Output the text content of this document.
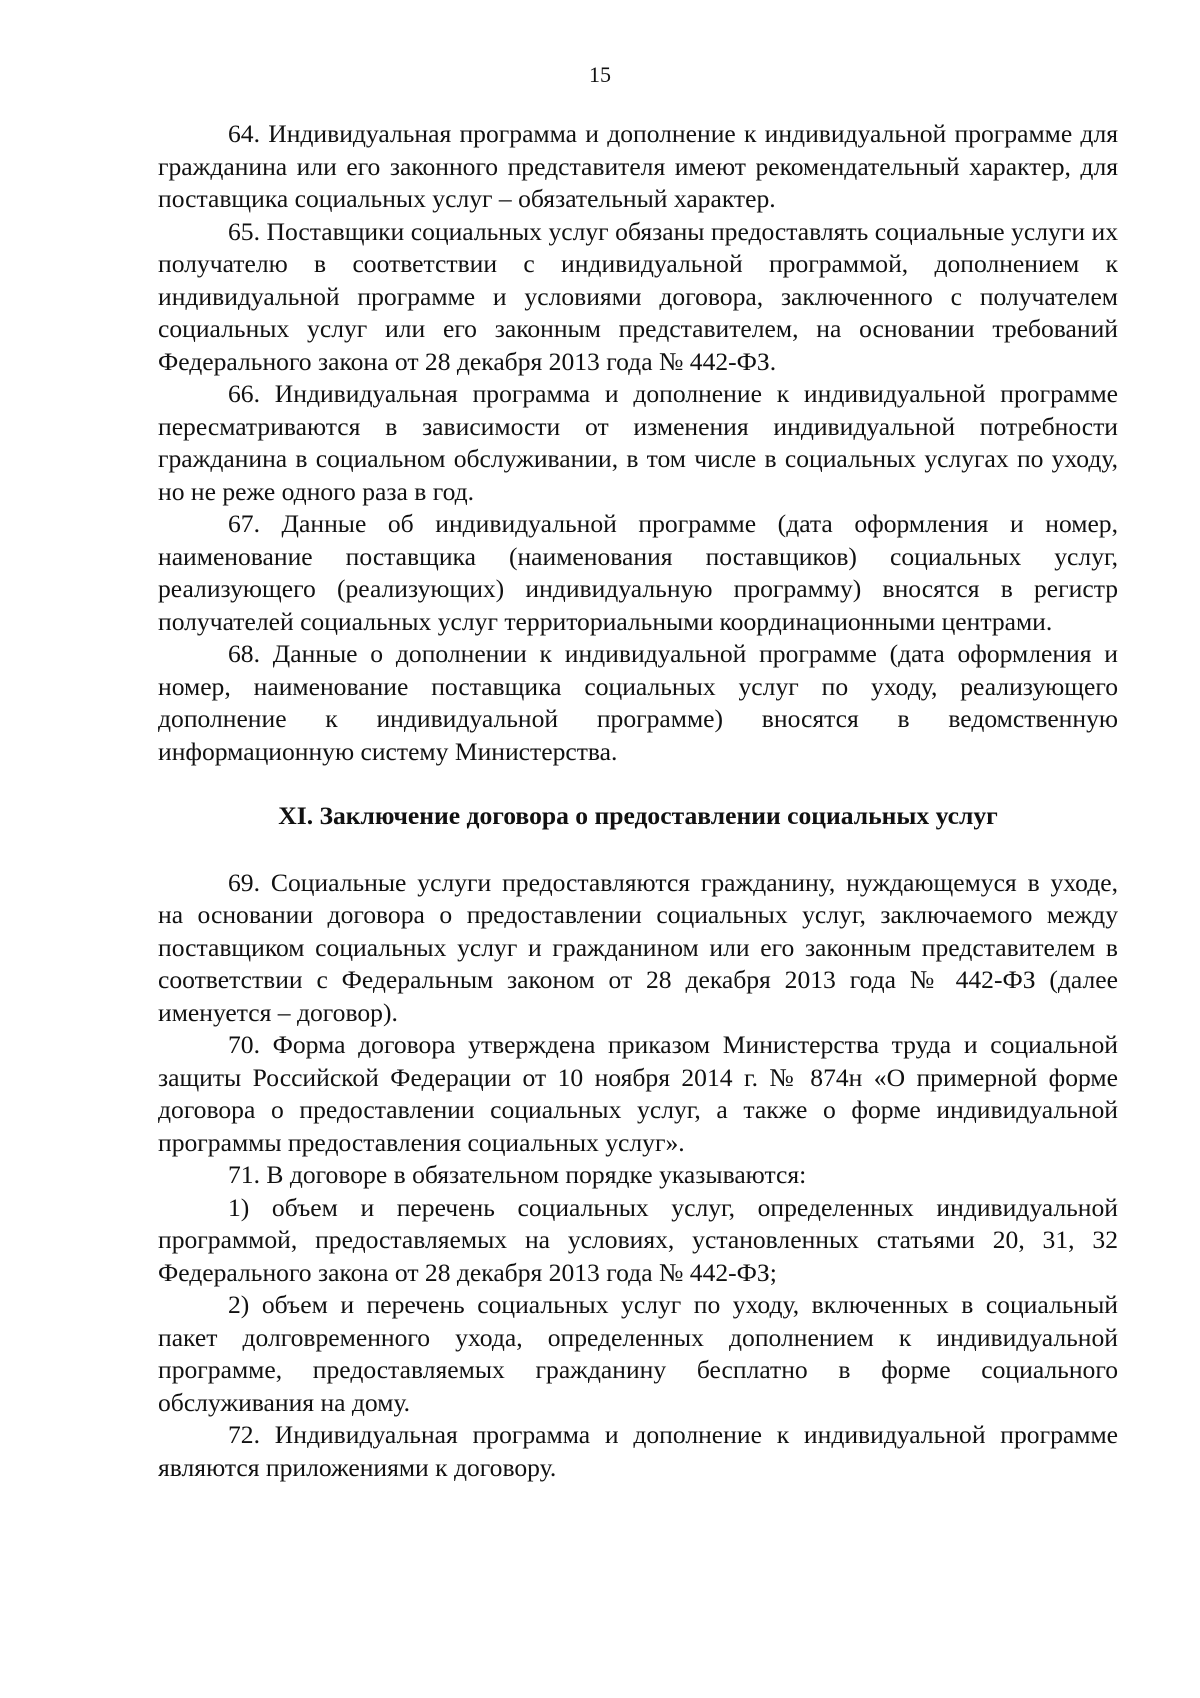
15

64. Индивидуальная программа и дополнение к индивидуальной программе для гражданина или его законного представителя имеют рекомендательный характер, для поставщика социальных услуг – обязательный характер.

65. Поставщики социальных услуг обязаны предоставлять социальные услуги их получателю в соответствии с индивидуальной программой, дополнением к индивидуальной программе и условиями договора, заключенного с получателем социальных услуг или его законным представителем, на основании требований Федерального закона от 28 декабря 2013 года № 442-ФЗ.

66. Индивидуальная программа и дополнение к индивидуальной программе пересматриваются в зависимости от изменения индивидуальной потребности гражданина в социальном обслуживании, в том числе в социальных услугах по уходу, но не реже одного раза в год.

67. Данные об индивидуальной программе (дата оформления и номер, наименование поставщика (наименования поставщиков) социальных услуг, реализующего (реализующих) индивидуальную программу) вносятся в регистр получателей социальных услуг территориальными координационными центрами.

68. Данные о дополнении к индивидуальной программе (дата оформления и номер, наименование поставщика социальных услуг по уходу, реализующего дополнение к индивидуальной программе) вносятся в ведомственную информационную систему Министерства.

XI. Заключение договора о предоставлении социальных услуг

69. Социальные услуги предоставляются гражданину, нуждающемуся в уходе, на основании договора о предоставлении социальных услуг, заключаемого между поставщиком социальных услуг и гражданином или его законным представителем в соответствии с Федеральным законом от 28 декабря 2013 года № 442-ФЗ (далее именуется – договор).

70. Форма договора утверждена приказом Министерства труда и социальной защиты Российской Федерации от 10 ноября 2014 г. № 874н «О примерной форме договора о предоставлении социальных услуг, а также о форме индивидуальной программы предоставления социальных услуг».

71. В договоре в обязательном порядке указываются:

1) объем и перечень социальных услуг, определенных индивидуальной программой, предоставляемых на условиях, установленных статьями 20, 31, 32 Федерального закона от 28 декабря 2013 года № 442-ФЗ;

2) объем и перечень социальных услуг по уходу, включенных в социальный пакет долговременного ухода, определенных дополнением к индивидуальной программе, предоставляемых гражданину бесплатно в форме социального обслуживания на дому.

72. Индивидуальная программа и дополнение к индивидуальной программе являются приложениями к договору.
